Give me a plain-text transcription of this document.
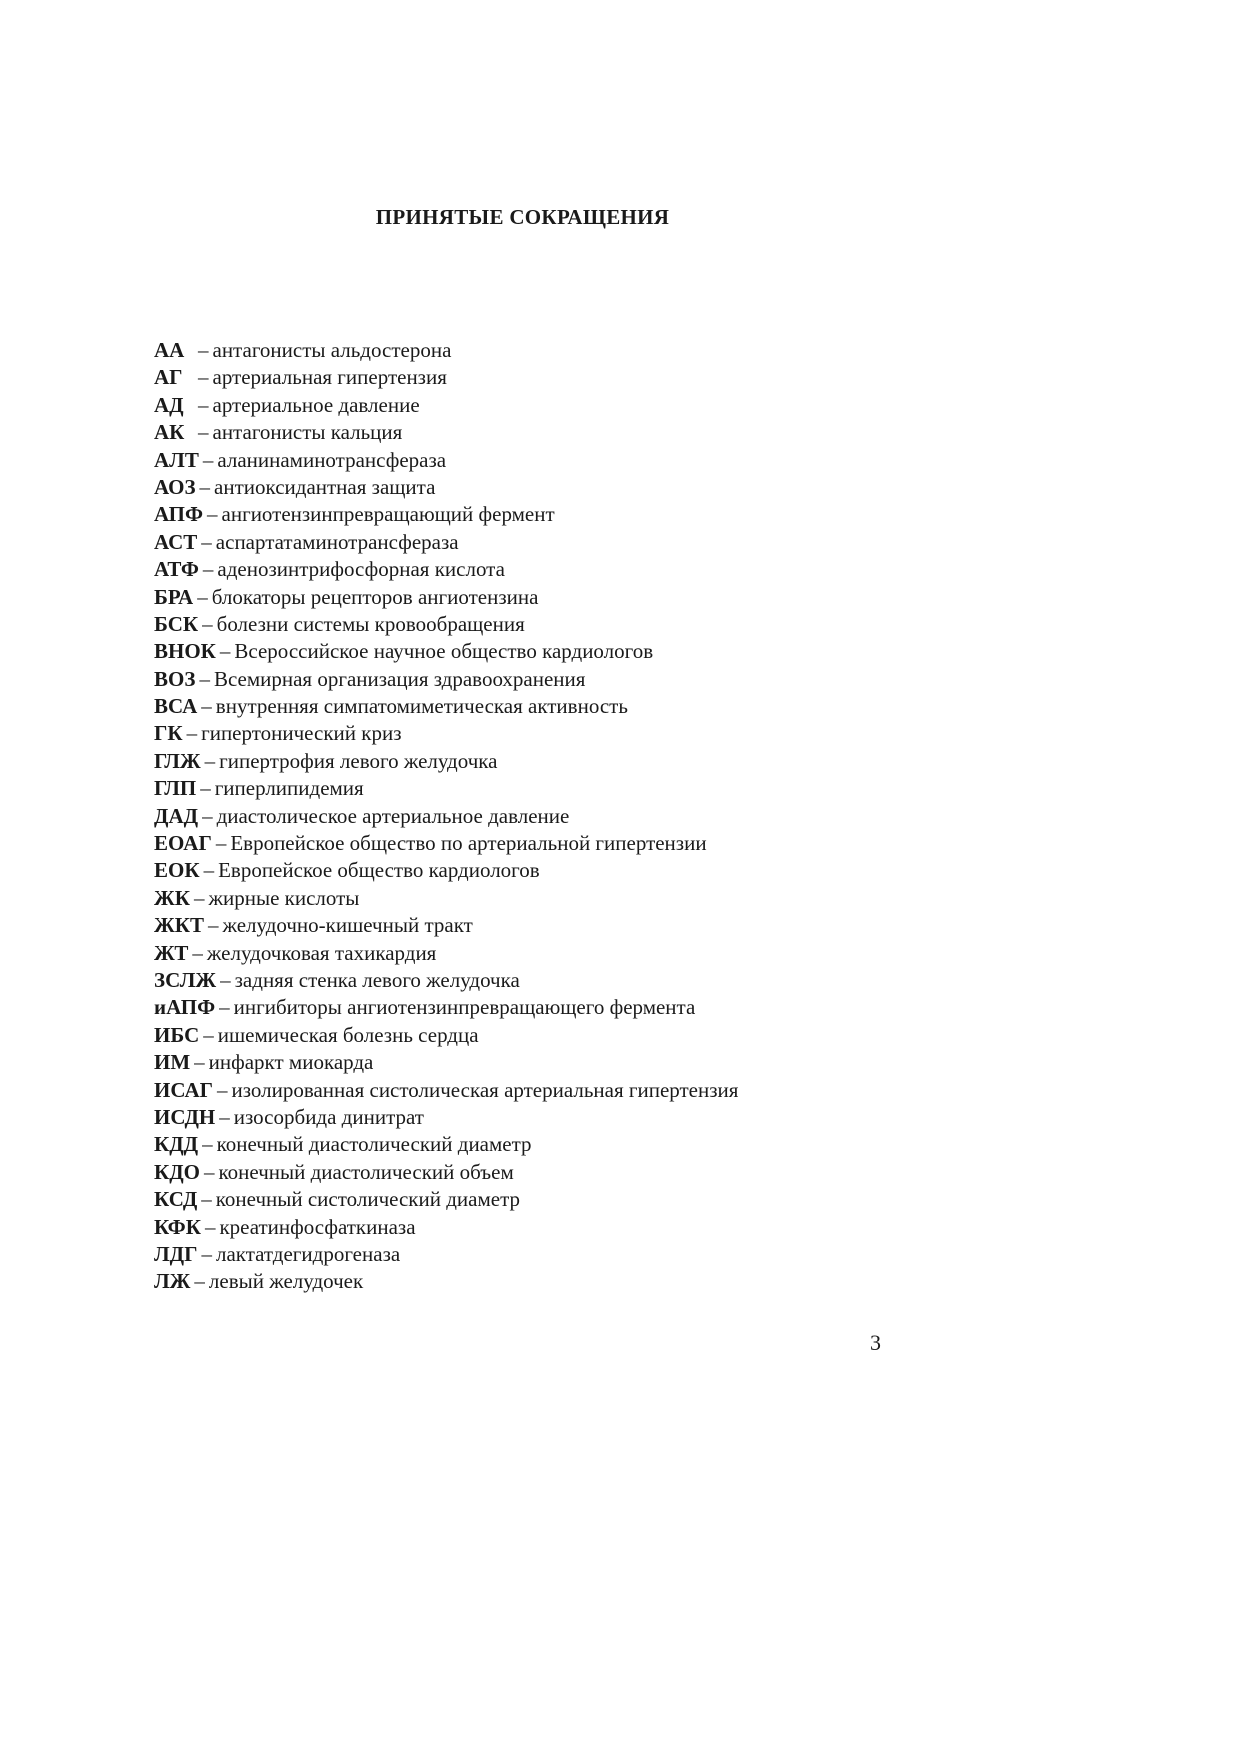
ПРИНЯТЫЕ СОКРАЩЕНИЯ
АА – антагонисты альдостерона
АГ – артериальная гипертензия
АД – артериальное давление
АК – антагонисты кальция
АЛТ – аланинаминотрансфераза
АОЗ – антиоксидантная защита
АПФ – ангиотензинпревращающий фермент
АСТ – аспартатаминотрансфераза
АТФ – аденозинтрифосфорная кислота
БРА – блокаторы рецепторов ангиотензина
БСК – болезни системы кровообращения
ВНОК – Всероссийское научное общество кардиологов
ВОЗ – Всемирная организация здравоохранения
ВСА – внутренняя симпатомиметическая активность
ГК – гипертонический криз
ГЛЖ – гипертрофия левого желудочка
ГЛП – гиперлипидемия
ДАД – диастолическое артериальное давление
ЕОАГ – Европейское общество по артериальной гипертензии
ЕОК – Европейское общество кардиологов
ЖК – жирные кислоты
ЖКТ – желудочно-кишечный тракт
ЖТ – желудочковая тахикардия
ЗСЛЖ – задняя стенка левого желудочка
иАПФ – ингибиторы ангиотензинпревращающего фермента
ИБС – ишемическая болезнь сердца
ИМ – инфаркт миокарда
ИСАГ – изолированная систолическая артериальная гипертензия
ИСДН – изосорбида динитрат
КДД – конечный диастолический диаметр
КДО – конечный диастолический объем
КСД – конечный систолический диаметр
КФК – креатинфосфаткиназа
ЛДГ – лактатдегидрогеназа
ЛЖ – левый желудочек

3
